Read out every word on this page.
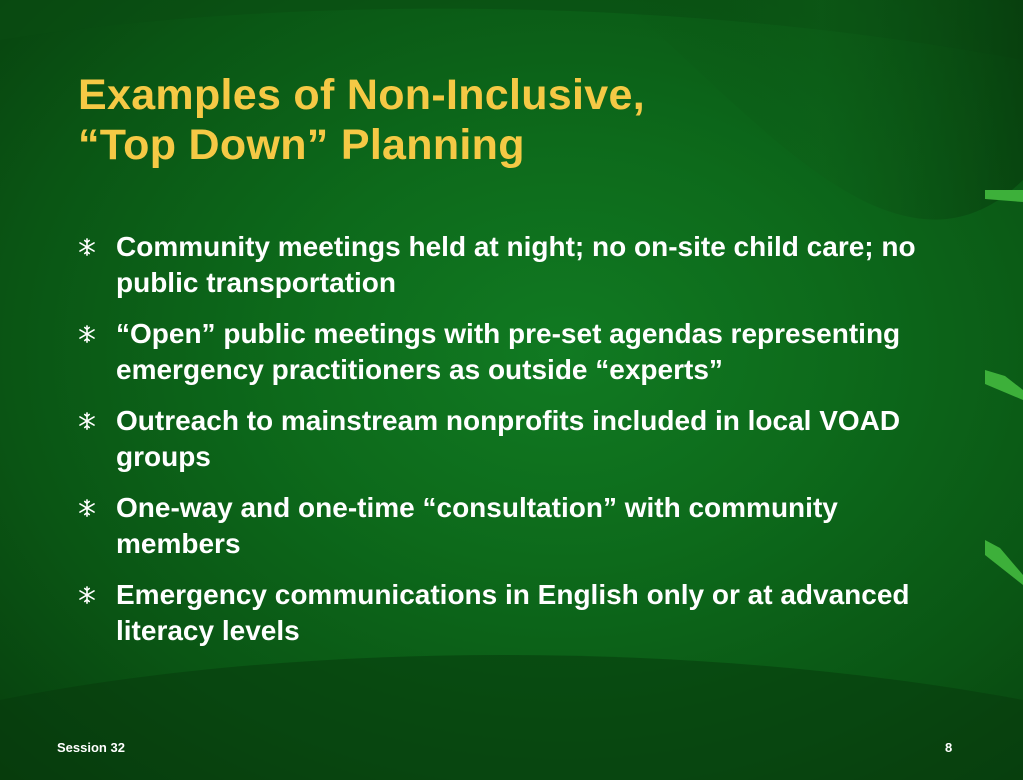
Examples of Non-Inclusive,
“Top Down” Planning
Community meetings held at night; no on-site child care; no public transportation
“Open” public meetings with pre-set agendas representing emergency practitioners as outside “experts”
Outreach to mainstream nonprofits included in local VOAD groups
One-way and one-time “consultation” with community members
Emergency communications in English only or at advanced literacy levels
Session 32	8
